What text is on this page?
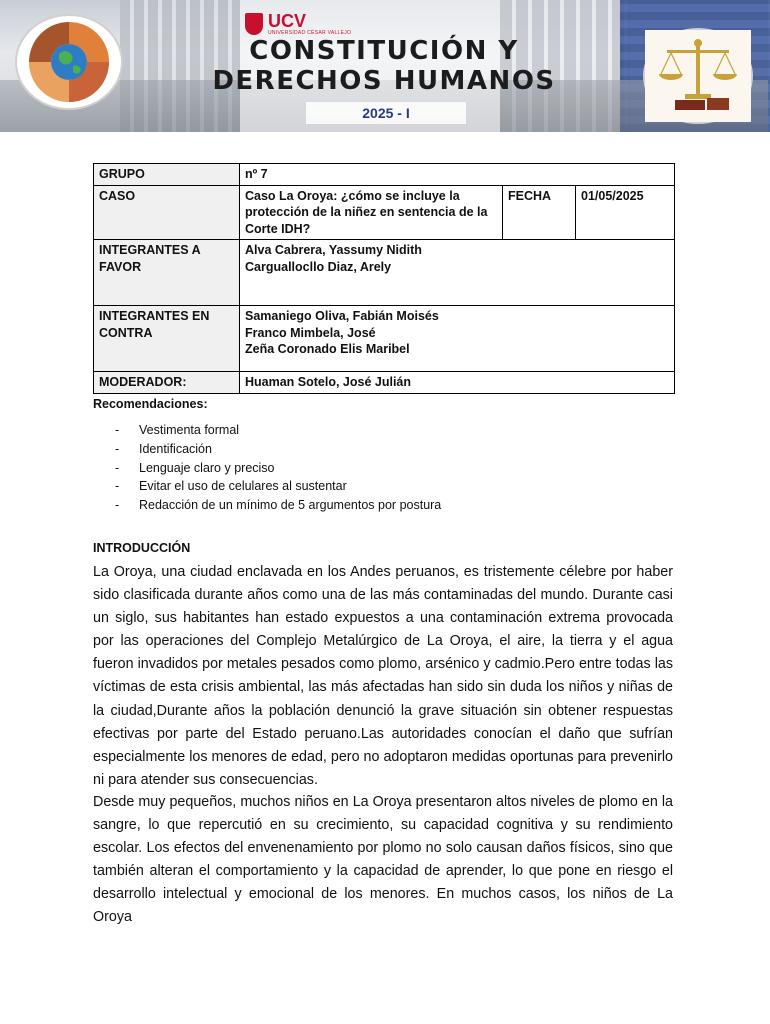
UCV
UNIVERSIDAD CÉSAR VALLEJO
CONSTITUCIÓN Y
DERECHOS HUMANOS
2025 - I
GRUPO	nº 7		
CASO	Caso La Oroya: ¿cómo se incluye la protección de la niñez en sentencia de la Corte IDH?	FECHA	01/05/2025
INTEGRANTES A FAVOR	Alva Cabrera, Yassumy Nidith
Carguallocllo Diaz, Arely		

INTEGRANTES EN CONTRA	Samaniego Oliva, Fabián Moisés
Franco Mimbela, José
Zeña Coronado Elis Maribel		

MODERADOR:	Huaman Sotelo, José Julián		
Recomendaciones:
- Vestimenta formal
- Identificación
- Lenguaje claro y preciso
- Evitar el uso de celulares al sustentar
- Redacción de un mínimo de 5 argumentos por postura
INTRODUCCIÓN

La Oroya, una ciudad enclavada en los Andes peruanos, es tristemente célebre por haber sido clasificada durante años como una de las más contaminadas del mundo. Durante casi un siglo, sus habitantes han estado expuestos a una contaminación extrema provocada por las operaciones del Complejo Metalúrgico de La Oroya, el aire, la tierra y el agua fueron invadidos por metales pesados como plomo, arsénico y cadmio.Pero entre todas las víctimas de esta crisis ambiental, las más afectadas han sido sin duda los niños y niñas de la ciudad,Durante años la población denunció la grave situación sin obtener respuestas efectivas por parte del Estado peruano.Las autoridades conocían el daño que sufrían especialmente los menores de edad, pero no adoptaron medidas oportunas para prevenirlo ni para atender sus consecuencias.

Desde muy pequeños, muchos niños en La Oroya presentaron altos niveles de plomo en la sangre, lo que repercutió en su crecimiento, su capacidad cognitiva y su rendimiento escolar. Los efectos del envenenamiento por plomo no solo causan daños físicos, sino que también alteran el comportamiento y la capacidad de aprender, lo que pone en riesgo el desarrollo intelectual y emocional de los menores. En muchos casos, los niños de La Oroya
